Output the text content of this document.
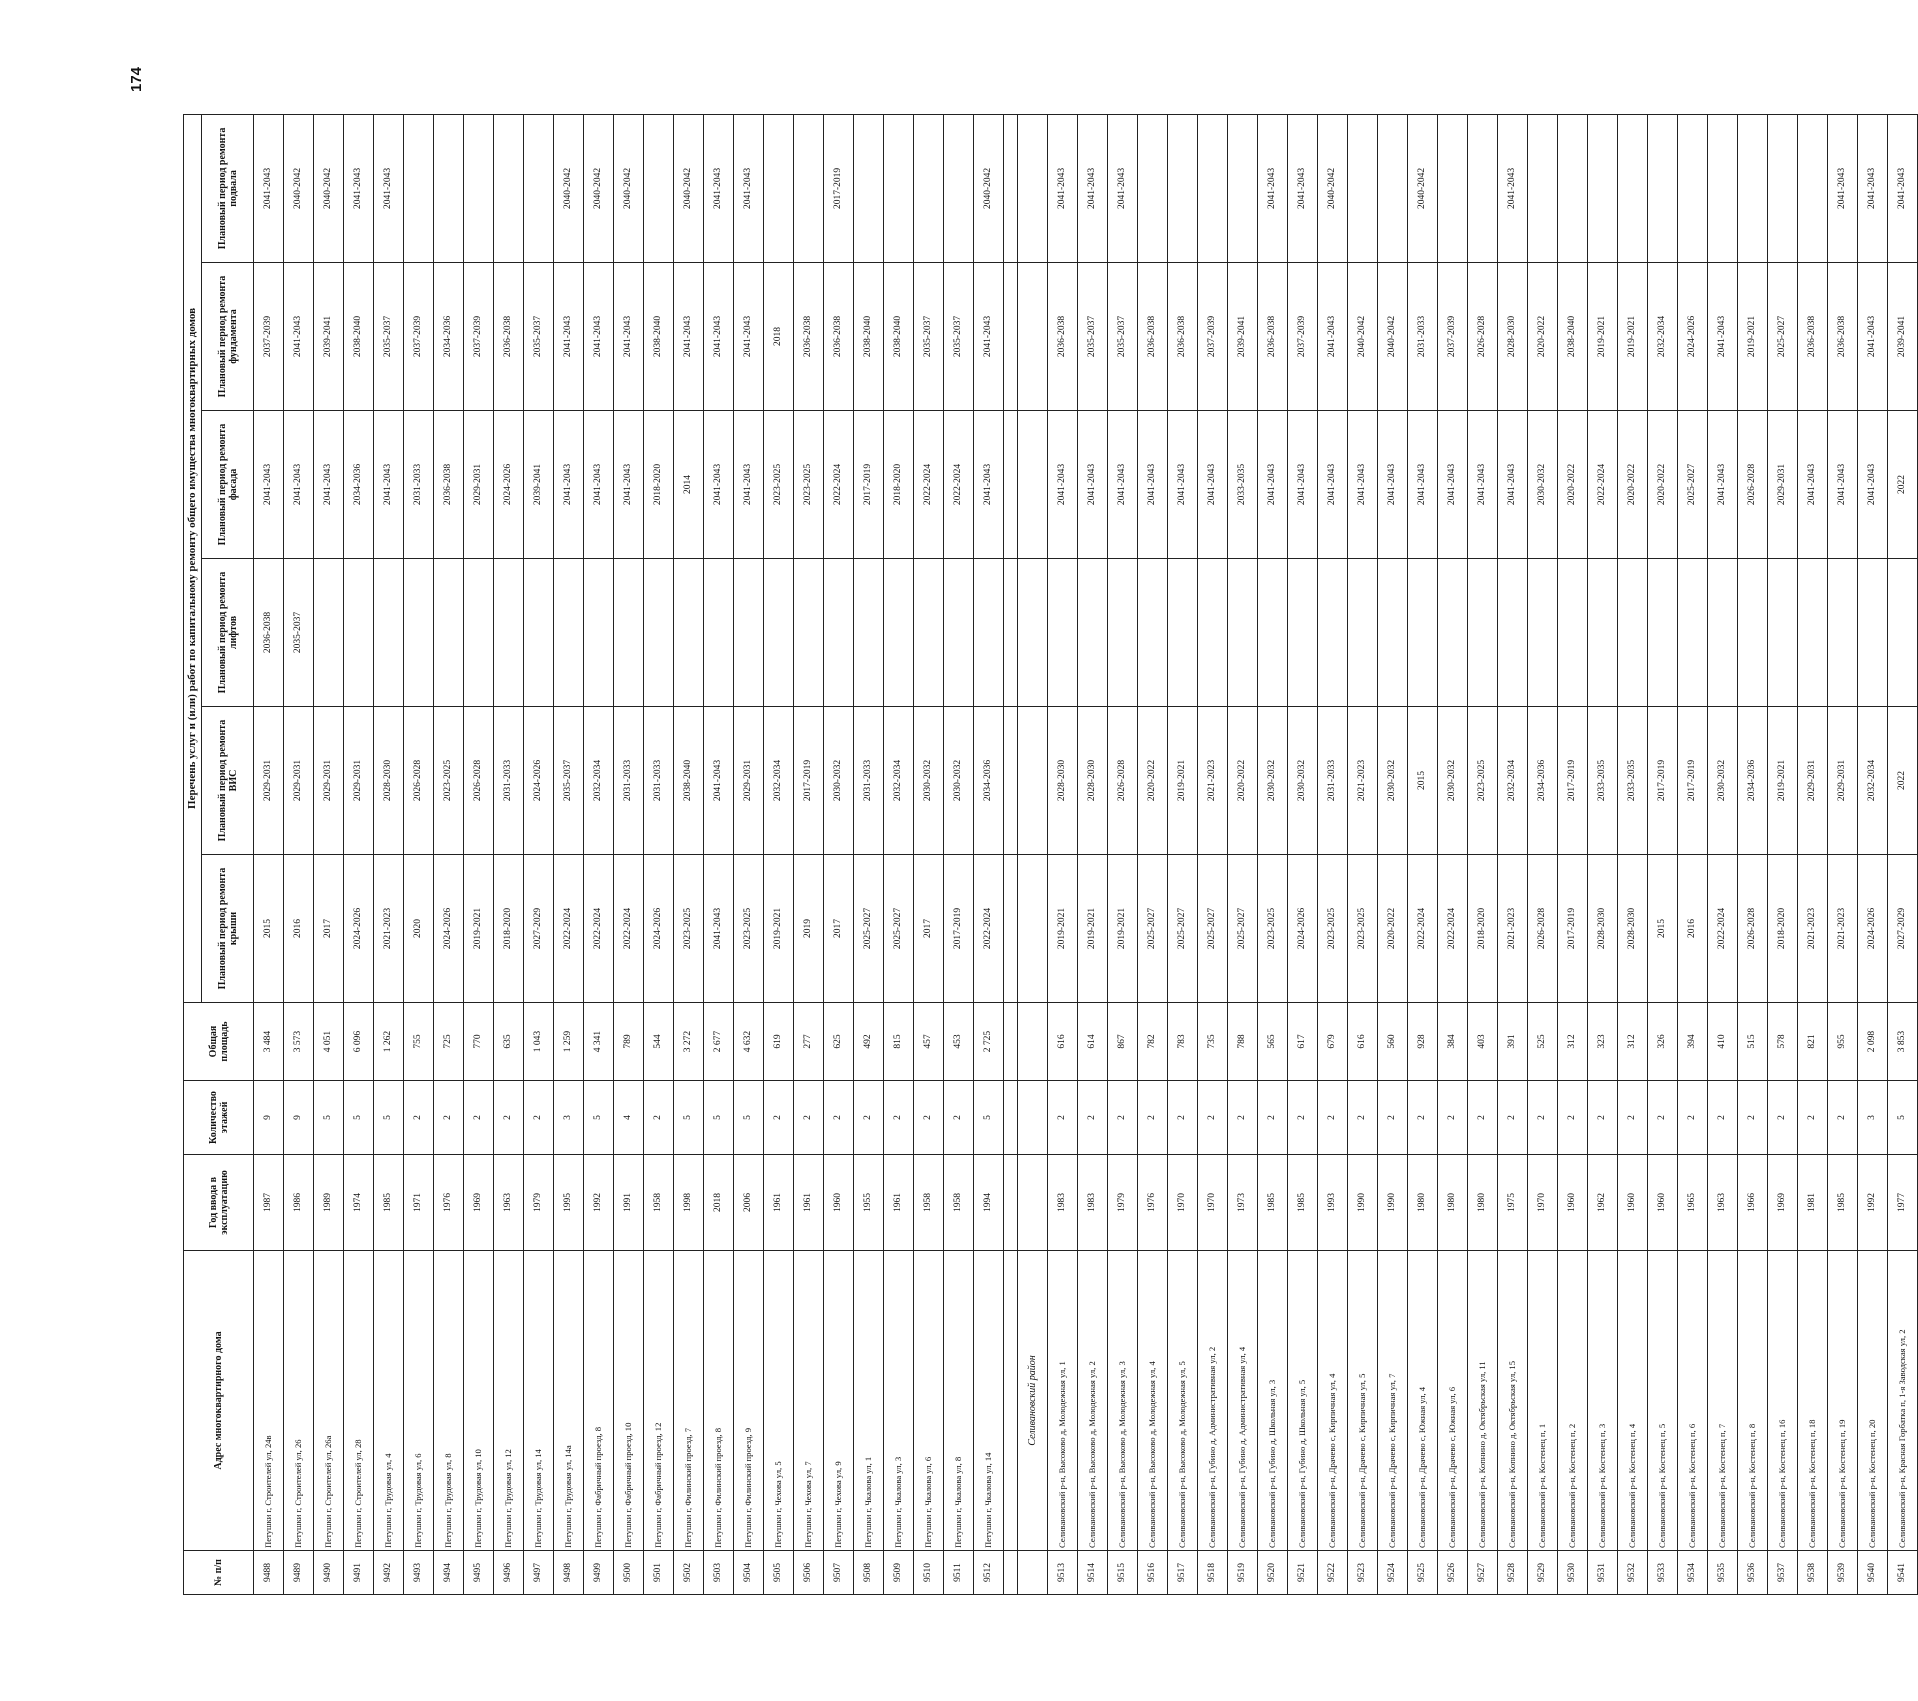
174
№ п/п	Адрес многоквартирного дома	Год ввода в эксплуатацию	Количество этажей	Общая площадь	Перечень услуг и (или) работ по капитальному ремонту общего имущества многоквартирных домов					
					Плановый период ремонта крыши	Плановый период ремонта ВИС	Плановый период ремонта лифтов	Плановый период ремонта фасада	Плановый период ремонта фундамента	Плановый период ремонта подвала
9488	Петушки г, Строителей ул, 24в	1987	9	3 484	2015	2029-2031	2036-2038	2041-2043	2037-2039	2041-2043
9489	Петушки г, Строителей ул, 26	1986	9	3 573	2016	2029-2031	2035-2037	2041-2043	2041-2043	2040-2042
9490	Петушки г, Строителей ул, 26а	1989	5	4 051	2017	2029-2031		2041-2043	2039-2041	2040-2042
9491	Петушки г, Строителей ул, 28	1974	5	6 096	2024-2026	2029-2031		2034-2036	2038-2040	2041-2043
9492	Петушки г, Трудовая ул, 4	1985	5	1 262	2021-2023	2028-2030		2041-2043	2035-2037	2041-2043
9493	Петушки г, Трудовая ул, 6	1971	2	755	2020	2026-2028		2031-2033	2037-2039	
9494	Петушки г, Трудовая ул, 8	1976	2	725	2024-2026	2023-2025		2036-2038	2034-2036	
9495	Петушки г, Трудовая ул, 10	1969	2	770	2019-2021	2026-2028		2029-2031	2037-2039	
9496	Петушки г, Трудовая ул, 12	1963	2	635	2018-2020	2031-2033		2024-2026	2036-2038	
9497	Петушки г, Трудовая ул, 14	1979	2	1 043	2027-2029	2024-2026		2039-2041	2035-2037	
9498	Петушки г, Трудовая ул, 14а	1995	3	1 259	2022-2024	2035-2037		2041-2043	2041-2043	2040-2042
9499	Петушки г, Фабричный проезд, 8	1992	5	4 341	2022-2024	2032-2034		2041-2043	2041-2043	2040-2042
9500	Петушки г, Фабричный проезд, 10	1991	4	789	2022-2024	2031-2033		2041-2043	2041-2043	2040-2042
9501	Петушки г, Фабричный проезд, 12	1958	2	544	2024-2026	2031-2033		2018-2020	2038-2040	
9502	Петушки г, Филинский проезд, 7	1998	5	3 272	2023-2025	2038-2040		2014	2041-2043	2040-2042
9503	Петушки г, Филинский проезд, 8	2018	5	2 677	2041-2043	2041-2043		2041-2043	2041-2043	2041-2043
9504	Петушки г, Филинский проезд, 9	2006	5	4 632	2023-2025	2029-2031		2041-2043	2041-2043	2041-2043
9505	Петушки г, Чехова ул, 5	1961	2	619	2019-2021	2032-2034		2023-2025	2018	
9506	Петушки г, Чехова ул, 7	1961	2	277	2019	2017-2019		2023-2025	2036-2038	
9507	Петушки г, Чехова ул, 9	1960	2	625	2017	2030-2032		2022-2024	2036-2038	2017-2019
9508	Петушки г, Чкалова ул, 1	1955	2	492	2025-2027	2031-2033		2017-2019	2038-2040	
9509	Петушки г, Чкалова ул, 3	1961	2	815	2025-2027	2032-2034		2018-2020	2038-2040	
9510	Петушки г, Чкалова ул, 6	1958	2	457	2017	2030-2032		2022-2024	2035-2037	
9511	Петушки г, Чкалова ул, 8	1958	2	453	2017-2019	2030-2032		2022-2024	2035-2037	
9512	Петушки г, Чкалова ул, 14	1994	5	2 725	2022-2024	2034-2036		2041-2043	2041-2043	2040-2042

	Селивановский район									
9513	Селивановский р-н, Высоково д, Молодежная ул, 1	1983	2	616	2019-2021	2028-2030		2041-2043	2036-2038	2041-2043
9514	Селивановский р-н, Высоково д, Молодежная ул, 2	1983	2	614	2019-2021	2028-2030		2041-2043	2035-2037	2041-2043
9515	Селивановский р-н, Высоково д, Молодежная ул, 3	1979	2	867	2019-2021	2026-2028		2041-2043	2035-2037	2041-2043
9516	Селивановский р-н, Высоково д, Молодежная ул, 4	1976	2	782	2025-2027	2020-2022		2041-2043	2036-2038	
9517	Селивановский р-н, Высоково д, Молодежная ул, 5	1970	2	783	2025-2027	2019-2021		2041-2043	2036-2038	
9518	Селивановский р-н, Губино д, Административная ул, 2	1970	2	735	2025-2027	2021-2023		2041-2043	2037-2039	
9519	Селивановский р-н, Губино д, Административная ул, 4	1973	2	788	2025-2027	2020-2022		2033-2035	2039-2041	
9520	Селивановский р-н, Губино д, Школьная ул, 3	1985	2	565	2023-2025	2030-2032		2041-2043	2036-2038	2041-2043
9521	Селивановский р-н, Губино д, Школьная ул, 5	1985	2	617	2024-2026	2030-2032		2041-2043	2037-2039	2041-2043
9522	Селивановский р-н, Драчево с, Кирпичная ул, 4	1993	2	679	2023-2025	2031-2033		2041-2043	2041-2043	2040-2042
9523	Селивановский р-н, Драчево с, Кирпичная ул, 5	1990	2	616	2023-2025	2021-2023		2041-2043	2040-2042	
9524	Селивановский р-н, Драчево с, Кирпичная ул, 7	1990	2	560	2020-2022	2030-2032		2041-2043	2040-2042	
9525	Селивановский р-н, Драчево с, Южная ул, 4	1980	2	928	2022-2024	2015		2041-2043	2031-2033	2040-2042
9526	Селивановский р-н, Драчево с, Южная ул, 6	1980	2	384	2022-2024	2030-2032		2041-2043	2037-2039	
9527	Селивановский р-н, Копнино д, Октябрьская ул, 11	1980	2	403	2018-2020	2023-2025		2041-2043	2026-2028	
9528	Селивановский р-н, Копнино д, Октябрьская ул, 15	1975	2	391	2021-2023	2032-2034		2041-2043	2028-2030	2041-2043
9529	Селивановский р-н, Костенец п, 1	1970	2	525	2026-2028	2034-2036		2030-2032	2020-2022	
9530	Селивановский р-н, Костенец п, 2	1960	2	312	2017-2019	2017-2019		2020-2022	2038-2040	
9531	Селивановский р-н, Костенец п, 3	1962	2	323	2028-2030	2033-2035		2022-2024	2019-2021	
9532	Селивановский р-н, Костенец п, 4	1960	2	312	2028-2030	2033-2035		2020-2022	2019-2021	
9533	Селивановский р-н, Костенец п, 5	1960	2	326	2015	2017-2019		2020-2022	2032-2034	
9534	Селивановский р-н, Костенец п, 6	1965	2	394	2016	2017-2019		2025-2027	2024-2026	
9535	Селивановский р-н, Костенец п, 7	1963	2	410	2022-2024	2030-2032		2041-2043	2041-2043	
9536	Селивановский р-н, Костенец п, 8	1966	2	515	2026-2028	2034-2036		2026-2028	2019-2021	
9537	Селивановский р-н, Костенец п, 16	1969	2	578	2018-2020	2019-2021		2029-2031	2025-2027	
9538	Селивановский р-н, Костенец п, 18	1981	2	821	2021-2023	2029-2031		2041-2043	2036-2038	
9539	Селивановский р-н, Костенец п, 19	1985	2	955	2021-2023	2029-2031		2041-2043	2036-2038	2041-2043
9540	Селивановский р-н, Костенец п, 20	1992	3	2 098	2024-2026	2032-2034		2041-2043	2041-2043	2041-2043
9541	Селивановский р-н, Красная Горбатка п, 1-я Заводская ул, 2	1977	5	3 853	2027-2029	2022		2022	2039-2041	2041-2043
